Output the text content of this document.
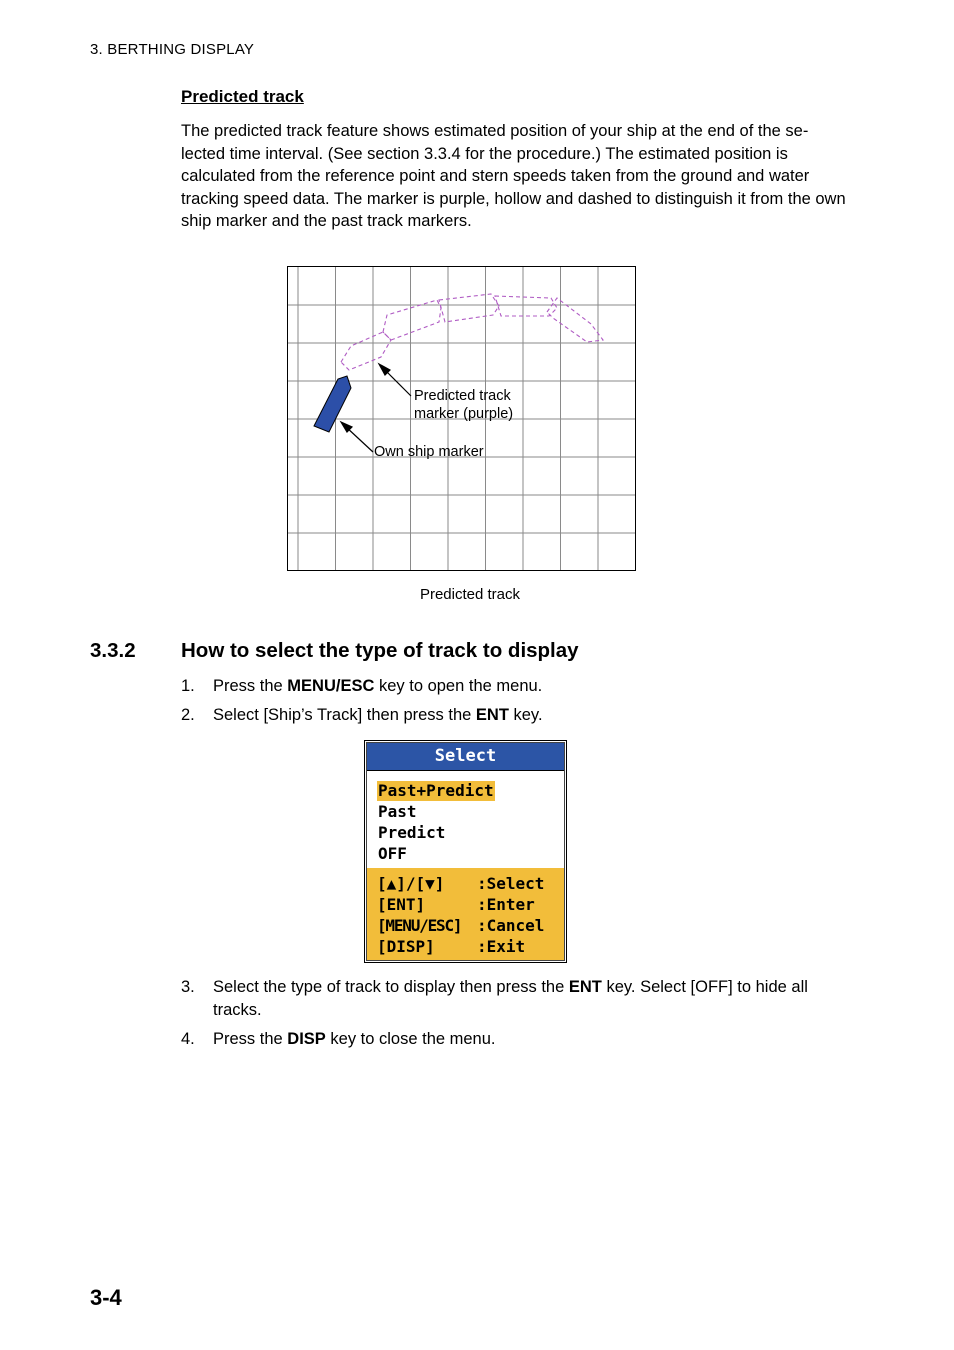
3. BERTHING DISPLAY
Predicted track
The predicted track feature shows estimated position of your ship at the end of the se-lected time interval. (See section 3.3.4 for the procedure.) The estimated position is calculated from the reference point and stern speeds taken from the ground and water tracking speed data. The marker is purple, hollow and dashed to distinguish it from the own ship marker and the past track markers.
Predicted track
marker (purple)
Own ship marker
Predicted track
3.3.2 How to select the type of track to display
1. Press the MENU/ESC key to open the menu.
2. Select [Ship’s Track] then press the ENT key.
Select
Past+Predict
Past
Predict
OFF
[▲]/[▼] :Select
[ENT]	:Enter
[MENU/ESC] :Cancel
[DISP]	:Exit
3. Select the type of track to display then press the ENT key. Select [OFF] to hide all
tracks.
4. Press the DISP key to close the menu.
3-4
